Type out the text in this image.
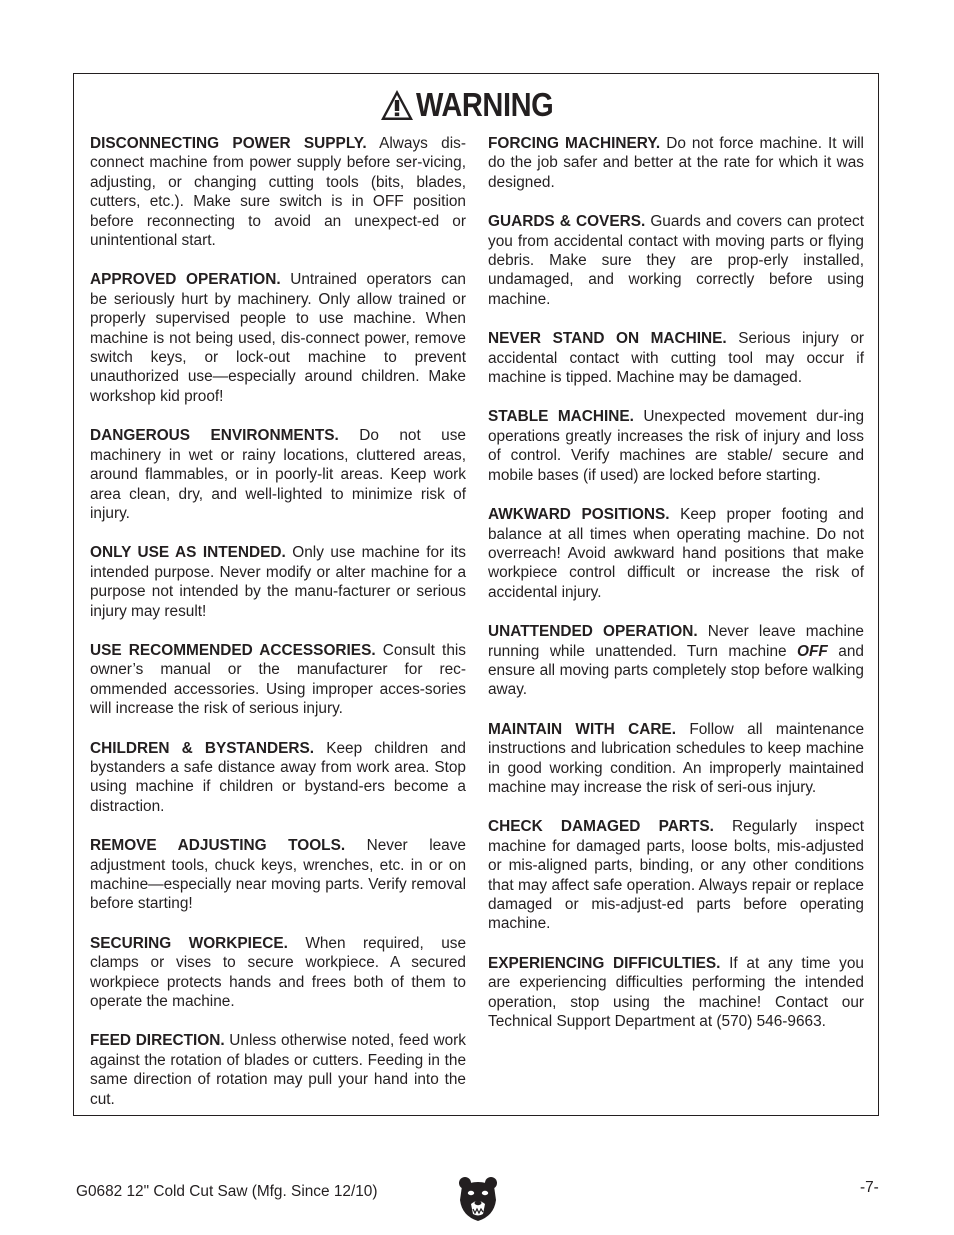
WARNING

DISCONNECTING POWER SUPPLY. Always dis-connect machine from power supply before ser-vicing, adjusting, or changing cutting tools (bits, blades, cutters, etc.). Make sure switch is in OFF position before reconnecting to avoid an unexpect-ed or unintentional start.

APPROVED OPERATION. Untrained operators can be seriously hurt by machinery. Only allow trained or properly supervised people to use machine. When machine is not being used, dis-connect power, remove switch keys, or lock-out machine to prevent unauthorized use—especially around children. Make workshop kid proof!

DANGEROUS ENVIRONMENTS. Do not use machinery in wet or rainy locations, cluttered areas, around flammables, or in poorly-lit areas. Keep work area clean, dry, and well-lighted to minimize risk of injury.

ONLY USE AS INTENDED. Only use machine for its intended purpose. Never modify or alter machine for a purpose not intended by the manu-facturer or serious injury may result!

USE RECOMMENDED ACCESSORIES. Consult this owner’s manual or the manufacturer for rec-ommended accessories. Using improper acces-sories will increase the risk of serious injury.

CHILDREN & BYSTANDERS. Keep children and bystanders a safe distance away from work area. Stop using machine if children or bystand-ers become a distraction.

REMOVE ADJUSTING TOOLS. Never leave adjustment tools, chuck keys, wrenches, etc. in or on machine—especially near moving parts. Verify removal before starting!

SECURING WORKPIECE. When required, use clamps or vises to secure workpiece. A secured workpiece protects hands and frees both of them to operate the machine.

FEED DIRECTION. Unless otherwise noted, feed work against the rotation of blades or cutters. Feeding in the same direction of rotation may pull your hand into the cut.

FORCING MACHINERY. Do not force machine. It will do the job safer and better at the rate for which it was designed.

GUARDS & COVERS. Guards and covers can protect you from accidental contact with moving parts or flying debris. Make sure they are prop-erly installed, undamaged, and working correctly before using machine.

NEVER STAND ON MACHINE. Serious injury or accidental contact with cutting tool may occur if machine is tipped. Machine may be damaged.

STABLE MACHINE. Unexpected movement dur-ing operations greatly increases the risk of injury and loss of control. Verify machines are stable/ secure and mobile bases (if used) are locked before starting.

AWKWARD POSITIONS. Keep proper footing and balance at all times when operating machine. Do not overreach! Avoid awkward hand positions that make workpiece control difficult or increase the risk of accidental injury.

UNATTENDED OPERATION. Never leave machine running while unattended. Turn machine OFF and ensure all moving parts completely stop before walking away.

MAINTAIN WITH CARE. Follow all maintenance instructions and lubrication schedules to keep machine in good working condition. An improperly maintained machine may increase the risk of seri-ous injury.

CHECK DAMAGED PARTS. Regularly inspect machine for damaged parts, loose bolts, mis-adjusted or mis-aligned parts, binding, or any other conditions that may affect safe operation. Always repair or replace damaged or mis-adjust-ed parts before operating machine.

EXPERIENCING DIFFICULTIES. If at any time you are experiencing difficulties performing the intended operation, stop using the machine! Contact our Technical Support Department at (570) 546-9663.

G0682 12" Cold Cut Saw (Mfg. Since 12/10)	-7-
